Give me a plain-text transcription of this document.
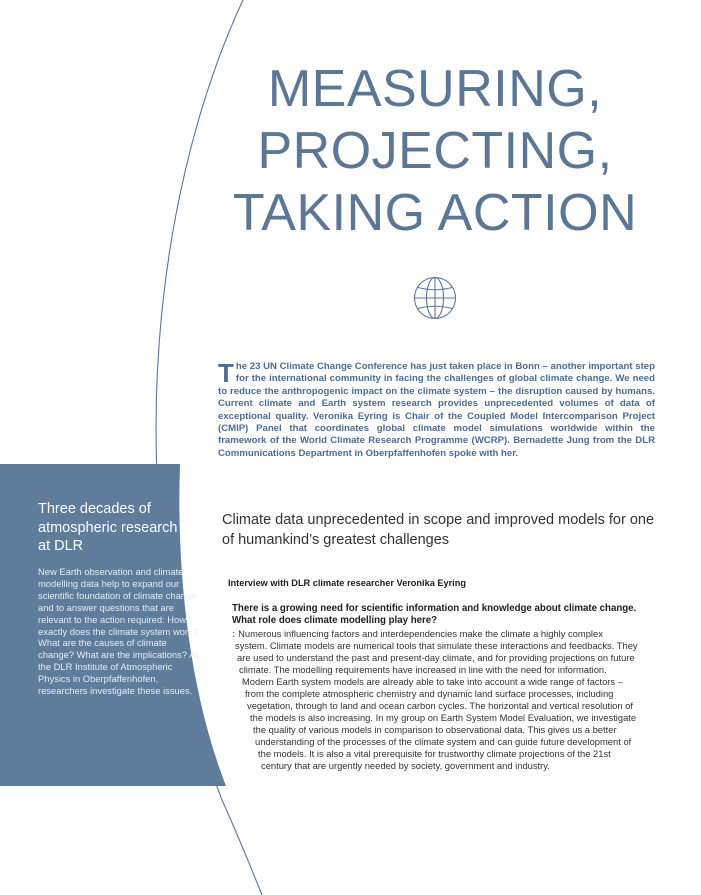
MEASURING,
PROJECTING,
TAKING ACTION

The 23 UN Climate Change Conference has just taken place in Bonn – another important step for the international community in facing the challenges of global climate change. We need to reduce the anthropogenic impact on the climate system – the disruption caused by humans. Current climate and Earth system research provides unprecedented volumes of data of exceptional quality. Veronika Eyring is Chair of the Coupled Model Intercomparison Project (CMIP) Panel that coordinates global climate model simulations worldwide within the framework of the World Climate Research Programme (WCRP). Bernadette Jung from the DLR Communications Department in Oberpfaffenhofen spoke with her.

Three decades of atmospheric research at DLR

New Earth observation and climate modelling data help to expand our scientific foundation of climate change and to answer questions that are relevant to the action required: How exactly does the climate system work? What are the causes of climate change? What are the implications? At the DLR Institute of Atmospheric Physics in Oberpfaffenhofen, researchers investigate these issues.

Climate data unprecedented in scope and improved models for one of humankind’s greatest challenges

Interview with DLR climate researcher Veronika Eyring

There is a growing need for scientific information and knowledge about climate change. What role does climate modelling play here?

: Numerous influencing factors and interdependencies make the climate a highly complex
system. Climate models are numerical tools that simulate these interactions and feedbacks. They
are used to understand the past and present-day climate, and for providing projections on future
climate. The modelling requirements have increased in line with the need for information.
Modern Earth system models are already able to take into account a wide range of factors –
from the complete atmospheric chemistry and dynamic land surface processes, including
vegetation, through to land and ocean carbon cycles. The horizontal and vertical resolution of
the models is also increasing. In my group on Earth System Model Evaluation, we investigate
the quality of various models in comparison to observational data. This gives us a better
understanding of the processes of the climate system and can guide future development of
the models. It is also a vital prerequisite for trustworthy climate projections of the 21st
century that are urgently needed by society, government and industry.
